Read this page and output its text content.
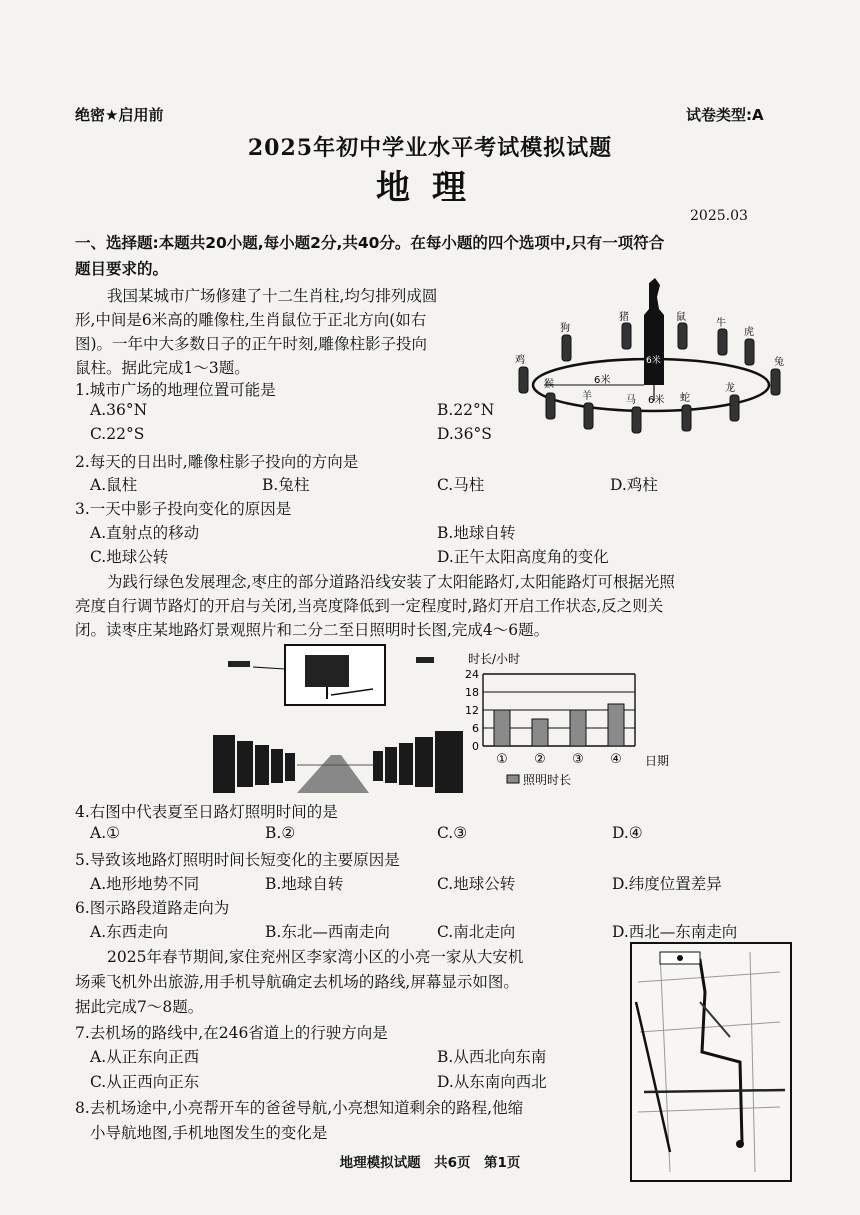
绝密★启用前	试卷类型:A
2025年初中学业水平考试模拟试题
地理
2025.03
一、选择题:本题共20小题,每小题2分,共40分。在每小题的四个选项中,只有一项符合
题目要求的。
我国某城市广场修建了十二生肖柱,均匀排列成圆
形,中间是6米高的雕像柱,生肖鼠位于正北方向(如右
图)。一年中大多数日子的正午时刻,雕像柱影子投向
鼠柱。据此完成1～3题。
狗
猪	鼠
牛
虎
兔
鸡
猴
羊	马	蛇
龙
6米
6米
6米
1.城市广场的地理位置可能是
A.36°N	B.22°N
C.22°S	D.36°S
2.每天的日出时,雕像柱影子投向的方向是
A.鼠柱	B.兔柱	C.马柱	D.鸡柱
3.一天中影子投向变化的原因是
A.直射点的移动	B.地球自转
C.地球公转	D.正午太阳高度角的变化
为践行绿色发展理念,枣庄的部分道路沿线安装了太阳能路灯,太阳能路灯可根据光照
亮度自行调节路灯的开启与关闭,当亮度降低到一定程度时,路灯开启工作状态,反之则关
闭。读枣庄某地路灯景观照片和二分二至日照明时长图,完成4～6题。
时长/小时
0
6
12
18
24
① ② ③ ④ 日期
照明时长
4.右图中代表夏至日路灯照明时间的是
A.①	B.②	C.③	D.④
5.导致该地路灯照明时间长短变化的主要原因是
A.地形地势不同	B.地球自转	C.地球公转	D.纬度位置差异
6.图示路段道路走向为
A.东西走向	B.东北—西南走向	C.南北走向	D.西北—东南走向
2025年春节期间,家住兖州区李家湾小区的小亮一家从大安机
场乘飞机外出旅游,用手机导航确定去机场的路线,屏幕显示如图。
据此完成7～8题。
7.去机场的路线中,在246省道上的行驶方向是
A.从正东向正西	B.从西北向东南
C.从正西向正东	D.从东南向西北
8.去机场途中,小亮帮开车的爸爸导航,小亮想知道剩余的路程,他缩
小导航地图,手机地图发生的变化是
地理模拟试题　共6页　第1页
